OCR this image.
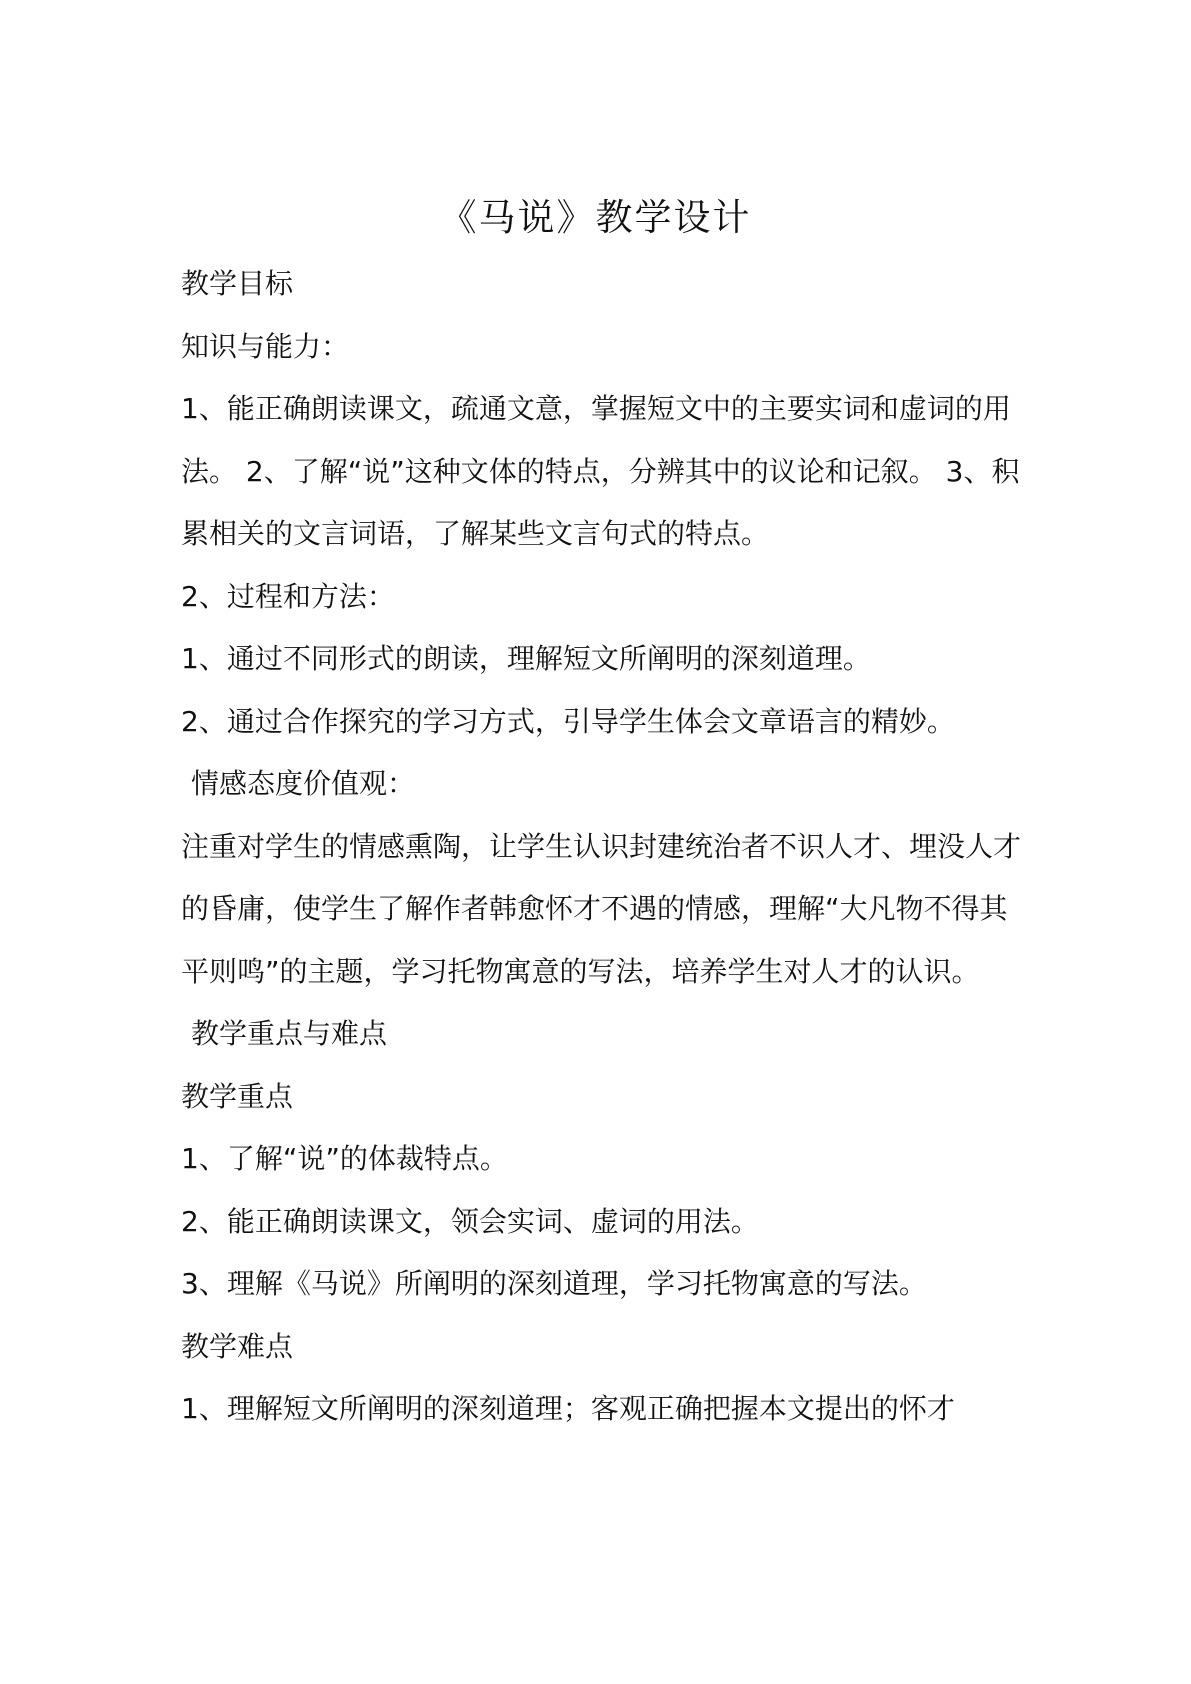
《马说》教学设计

教学目标

知识与能力：

1、能正确朗读课文，疏通文意，掌握短文中的主要实词和虚词的用法。 2、了解“说”这种文体的特点，分辨其中的议论和记叙。 3、积累相关的文言词语，了解某些文言句式的特点。

2、过程和方法：

1、通过不同形式的朗读，理解短文所阐明的深刻道理。

2、通过合作探究的学习方式，引导学生体会文章语言的精妙。

情感态度价值观：

注重对学生的情感熏陶，让学生认识封建统治者不识人才、埋没人才的昏庸，使学生了解作者韩愈怀才不遇的情感，理解“大凡物不得其平则鸣”的主题，学习托物寓意的写法，培养学生对人才的认识。

教学重点与难点

教学重点

1、了解“说”的体裁特点。

2、能正确朗读课文，领会实词、虚词的用法。

3、理解《马说》所阐明的深刻道理，学习托物寓意的写法。

教学难点

1、理解短文所阐明的深刻道理；客观正确把握本文提出的怀才
